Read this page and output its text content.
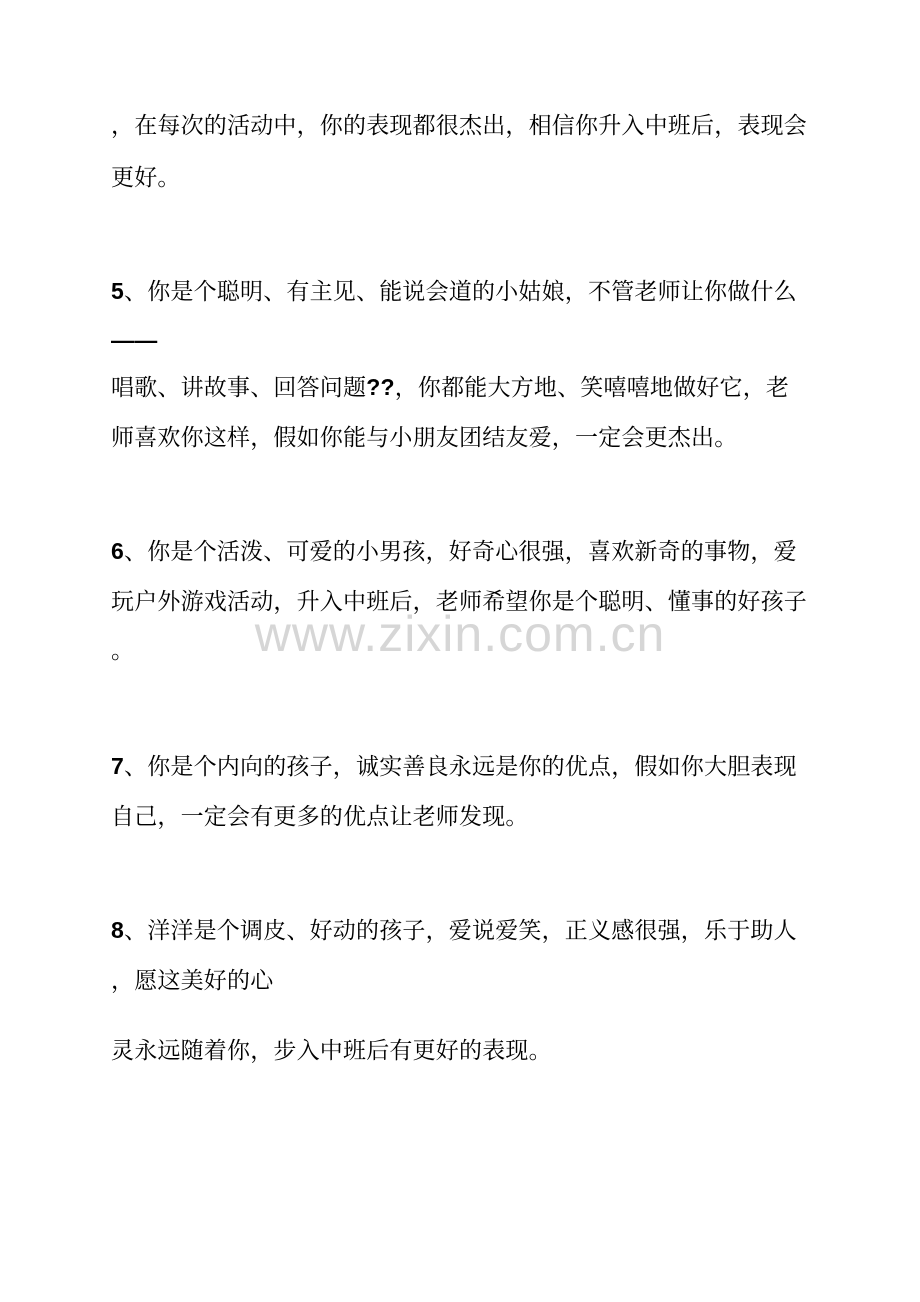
，在每次的活动中，你的表现都很杰出，相信你升入中班后，表现会
更好。
5、你是个聪明、有主见、能说会道的小姑娘，不管老师让你做什么
——
唱歌、讲故事、回答问题??，你都能大方地、笑嘻嘻地做好它，老
师喜欢你这样，假如你能与小朋友团结友爱，一定会更杰出。
6、你是个活泼、可爱的小男孩，好奇心很强，喜欢新奇的事物，爱
玩户外游戏活动，升入中班后，老师希望你是个聪明、懂事的好孩子
。
7、你是个内向的孩子，诚实善良永远是你的优点，假如你大胆表现
自己，一定会有更多的优点让老师发现。
8、洋洋是个调皮、好动的孩子，爱说爱笑，正义感很强，乐于助人
，愿这美好的心
灵永远随着你，步入中班后有更好的表现。
www.zixin.com.cn
